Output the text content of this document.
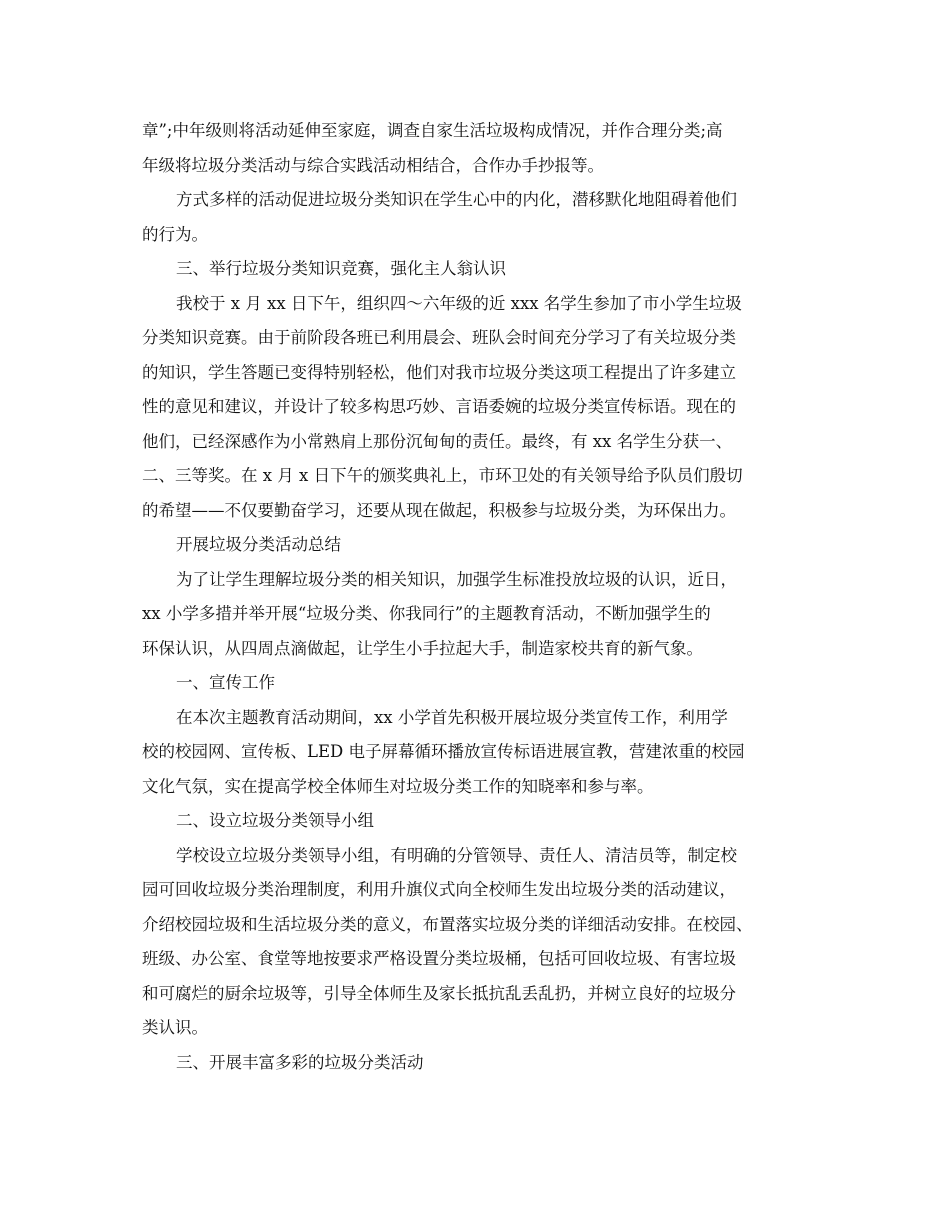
章”;中年级则将活动延伸至家庭，调查自家生活垃圾构成情况，并作合理分类;高
年级将垃圾分类活动与综合实践活动相结合，合作办手抄报等。
方式多样的活动促进垃圾分类知识在学生心中的内化，潜移默化地阻碍着他们
的行为。
三、举行垃圾分类知识竞赛，强化主人翁认识
我校于 x 月 xx 日下午，组织四～六年级的近 xxx 名学生参加了市小学生垃圾
分类知识竞赛。由于前阶段各班已利用晨会、班队会时间充分学习了有关垃圾分类
的知识，学生答题已变得特别轻松，他们对我市垃圾分类这项工程提出了许多建立
性的意见和建议，并设计了较多构思巧妙、言语委婉的垃圾分类宣传标语。现在的
他们，已经深感作为小常熟肩上那份沉甸甸的责任。最终，有 xx 名学生分获一、
二、三等奖。在 x 月 x 日下午的颁奖典礼上，市环卫处的有关领导给予队员们殷切
的希望——不仅要勤奋学习，还要从现在做起，积极参与垃圾分类，为环保出力。
开展垃圾分类活动总结
为了让学生理解垃圾分类的相关知识，加强学生标准投放垃圾的认识，近日，
xx 小学多措并举开展“垃圾分类、你我同行”的主题教育活动，不断加强学生的
环保认识，从四周点滴做起，让学生小手拉起大手，制造家校共育的新气象。
一、宣传工作
在本次主题教育活动期间，xx 小学首先积极开展垃圾分类宣传工作，利用学
校的校园网、宣传板、LED 电子屏幕循环播放宣传标语进展宣教，营建浓重的校园
文化气氛，实在提高学校全体师生对垃圾分类工作的知晓率和参与率。
二、设立垃圾分类领导小组
学校设立垃圾分类领导小组，有明确的分管领导、责任人、清洁员等，制定校
园可回收垃圾分类治理制度，利用升旗仪式向全校师生发出垃圾分类的活动建议，
介绍校园垃圾和生活垃圾分类的意义，布置落实垃圾分类的详细活动安排。在校园、
班级、办公室、食堂等地按要求严格设置分类垃圾桶，包括可回收垃圾、有害垃圾
和可腐烂的厨余垃圾等，引导全体师生及家长抵抗乱丢乱扔，并树立良好的垃圾分
类认识。
三、开展丰富多彩的垃圾分类活动
